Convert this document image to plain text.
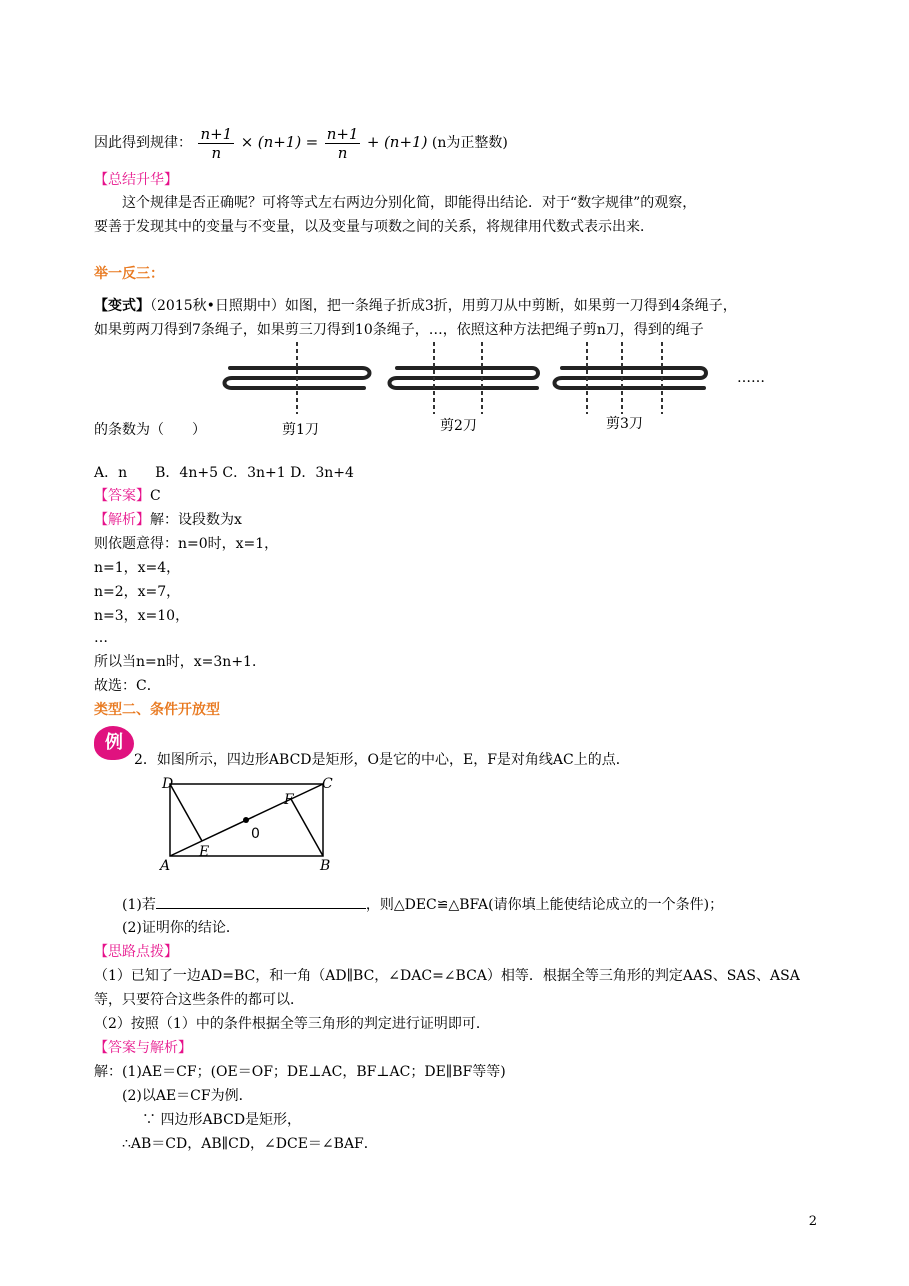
因此得到规律： $\frac{n+1}{n} \times (n+1) = \frac{n+1}{n} + (n+1)$ (n为正整数)
【总结升华】
这个规律是否正确呢？可将等式左右两边分别化简，即能得出结论．对于“数字规律”的观察，
要善于发现其中的变量与不变量，以及变量与项数之间的关系，将规律用代数式表示出来．
举一反三：
【变式】（2015秋•日照期中）如图，把一条绳子折成3折，用剪刀从中剪断，如果剪一刀得到4条绳子，
如果剪两刀得到7条绳子，如果剪三刀得到10条绳子，…，依照这种方法把绳子剪n刀，得到的绳子
……
的条数为（　　）	剪1刀	剪2刀	剪3刀
A．n　　B．4n+5 C．3n+1 D．3n+4
【答案】C
【解析】解：设段数为x
则依题意得：n=0时，x=1，
n=1，x=4，
n=2，x=7，
n=3，x=10，
…
所以当n=n时，x=3n+1．
故选：C．
类型二、条件开放型
例
2．如图所示，四边形ABCD是矩形，O是它的中心，E，F是对角线AC上的点．
D	C
A	B
E
F
0
(1)若	，则△DEC≌△BFA(请你填上能使结论成立的一个条件)；
(2)证明你的结论．
【思路点拨】
（1）已知了一边AD=BC，和一角（AD∥BC，∠DAC=∠BCA）相等．根据全等三角形的判定AAS、SAS、ASA
等，只要符合这些条件的都可以．
（2）按照（1）中的条件根据全等三角形的判定进行证明即可．
【答案与解析】
解：(1)AE＝CF；(OE＝OF；DE⊥AC，BF⊥AC；DE∥BF等等)
(2)以AE＝CF为例．
∵ 四边形ABCD是矩形，
∴AB＝CD，AB∥CD，∠DCE＝∠BAF．
2
